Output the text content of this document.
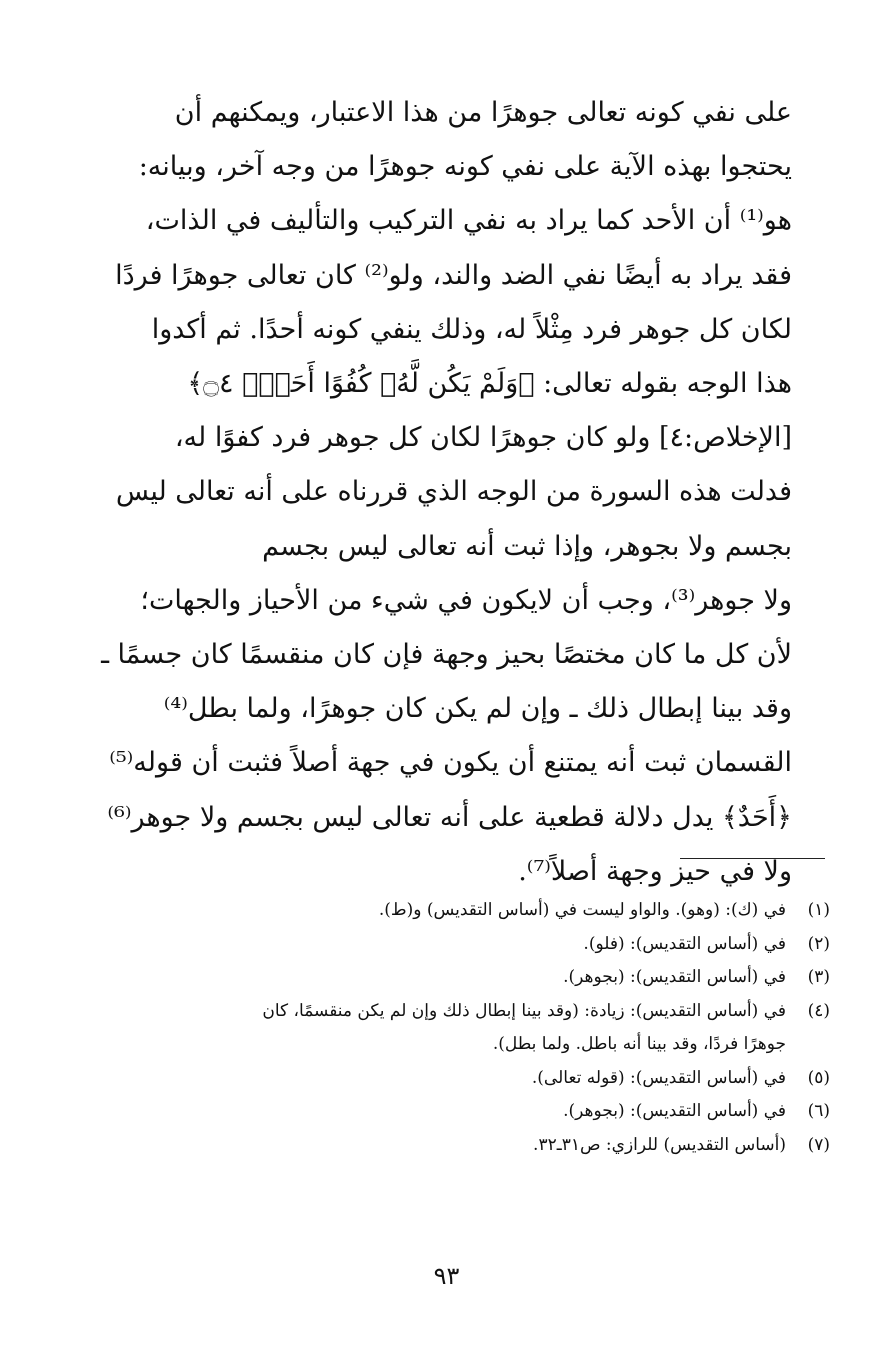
على نفي كونه تعالى جوهرًا من هذا الاعتبار، ويمكنهم أن
يحتجوا بهذه الآية على نفي كونه جوهرًا من وجه آخر، وبيانه:
هو⁽¹⁾ أن الأحد كما يراد به نفي التركيب والتأليف في الذات،
فقد يراد به أيضًا نفي الضد والند، ولو⁽²⁾ كان تعالى جوهرًا فردًا
لكان كل جوهر فرد مِثْلاً له، وذلك ينفي كونه أحدًا. ثم أكدوا
هذا الوجه بقوله تعالى: ﴿وَلَمْ يَكُن لَّهُۥ كُفُوًا أَحَدٌۢ ۝٤﴾
[الإخلاص:٤] ولو كان جوهرًا لكان كل جوهر فرد كفوًا له،
فدلت هذه السورة من الوجه الذي قررناه على أنه تعالى ليس
بجسم ولا بجوهر، وإذا ثبت أنه تعالى ليس بجسم
ولا جوهر⁽³⁾، وجب أن لايكون في شيء من الأحياز والجهات؛
لأن كل ما كان مختصًا بحيز وجهة فإن كان منقسمًا كان جسمًا ـ
وقد بينا إبطال ذلك ـ وإن لم يكن كان جوهرًا، ولما بطل⁽⁴⁾
القسمان ثبت أنه يمتنع أن يكون في جهة أصلاً فثبت أن قوله⁽⁵⁾
﴿أَحَدٌ﴾ يدل دلالة قطعية على أنه تعالى ليس بجسم ولا جوهر⁽⁶⁾
ولا في حيز وجهة أصلاً⁽⁷⁾.
(١)
في (ك): (وهو). والواو ليست في (أساس التقديس) و(ط).
(٢)
في (أساس التقديس): (فلو).
(٣)
في (أساس التقديس): (بجوهر).
(٤)
في (أساس التقديس): زيادة: (وقد بينا إبطال ذلك وإن لم يكن منقسمًا، كان
جوهرًا فردًا، وقد بينا أنه باطل. ولما بطل).
(٥)
في (أساس التقديس): (قوله تعالى).
(٦)
في (أساس التقديس): (بجوهر).
(٧)
(أساس التقديس) للرازي: ص٣١ـ٣٢.
٩٣
